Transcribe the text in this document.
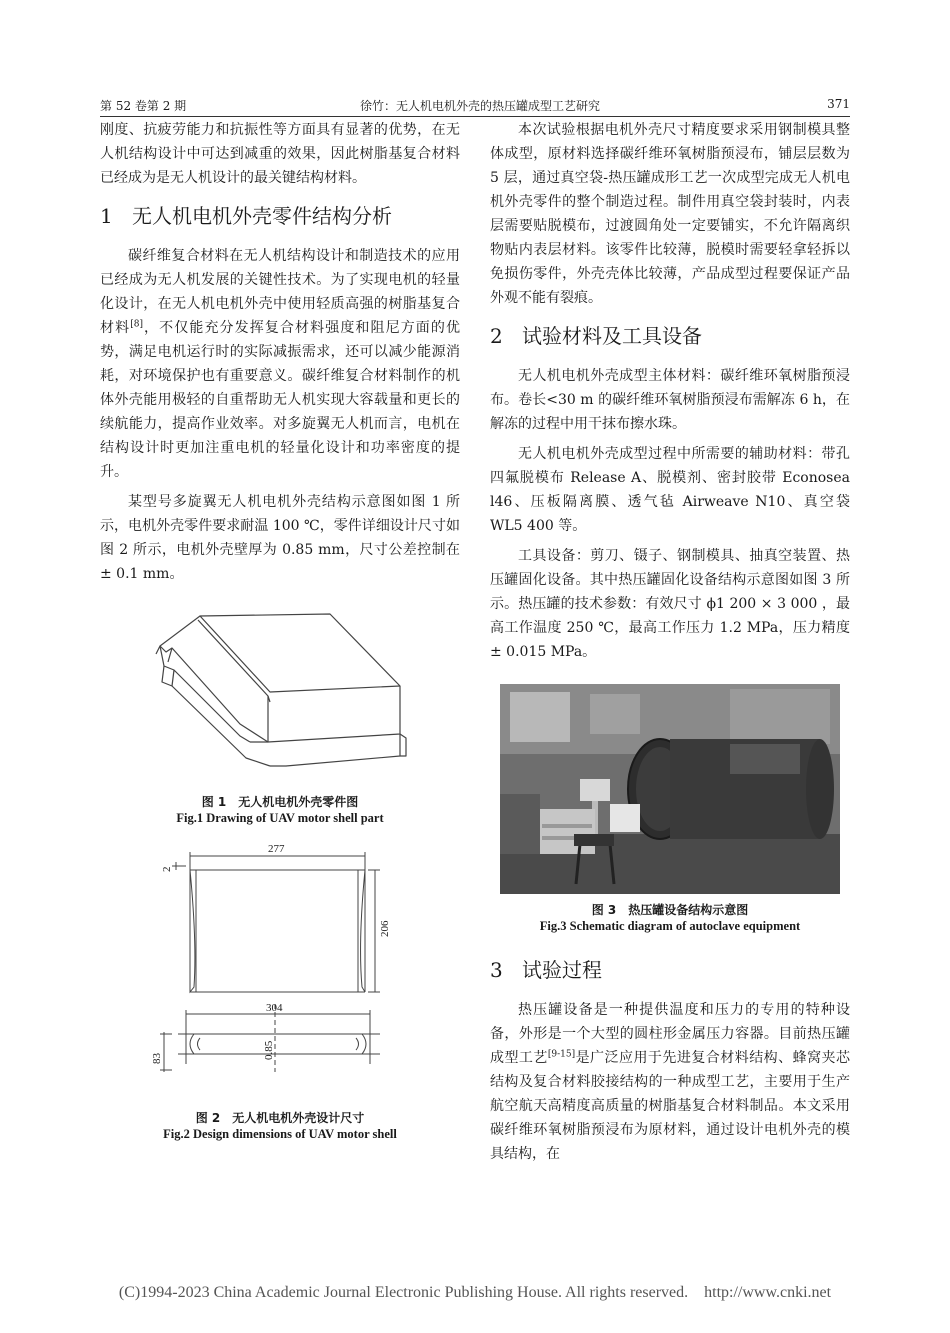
第 52 卷第 2 期	徐竹：无人机电机外壳的热压罐成型工艺研究	371

刚度、抗疲劳能力和抗振性等方面具有显著的优势，在无人机结构设计中可达到减重的效果，因此树脂基复合材料已经成为是无人机设计的最关键结构材料。

1 无人机电机外壳零件结构分析

碳纤维复合材料在无人机结构设计和制造技术的应用已经成为无人机发展的关键性技术。为了实现电机的轻量化设计，在无人机电机外壳中使用轻质高强的树脂基复合材料[8]，不仅能充分发挥复合材料强度和阻尼方面的优势，满足电机运行时的实际减振需求，还可以减少能源消耗，对环境保护也有重要意义。碳纤维复合材料制作的机体外壳能用极轻的自重帮助无人机实现大容载量和更长的续航能力，提高作业效率。对多旋翼无人机而言，电机在结构设计时更加注重电机的轻量化设计和功率密度的提升。

某型号多旋翼无人机电机外壳结构示意图如图 1 所示，电机外壳零件要求耐温 100 ℃，零件详细设计尺寸如图 2 所示，电机外壳壁厚为 0.85 mm，尺寸公差控制在 ± 0.1 mm。

图 1　无人机电机外壳零件图
Fig.1 Drawing of UAV motor shell part
277
2
206
304
0.85
83
图 2　无人机电机外壳设计尺寸
Fig.2 Design dimensions of UAV motor shell

本次试验根据电机外壳尺寸精度要求采用钢制模具整体成型，原材料选择碳纤维环氧树脂预浸布，铺层层数为 5 层，通过真空袋-热压罐成形工艺一次成型完成无人机电机外壳零件的整个制造过程。制件用真空袋封装时，内表层需要贴脱模布，过渡圆角处一定要铺实，不允许隔离织物贴内表层材料。该零件比较薄，脱模时需要轻拿轻拆以免损伤零件，外壳壳体比较薄，产品成型过程要保证产品外观不能有裂痕。

2 试验材料及工具设备

无人机电机外壳成型主体材料：碳纤维环氧树脂预浸布。卷长<30 m 的碳纤维环氧树脂预浸布需解冻 6 h，在解冻的过程中用干抹布擦水珠。

无人机电机外壳成型过程中所需要的辅助材料：带孔四氟脱模布 Release A、脱模剂、密封胶带 Econosea l46、压板隔离膜、透气毡 Airweave N10、真空袋 WL5 400 等。

工具设备：剪刀、镊子、钢制模具、抽真空装置、热压罐固化设备。其中热压罐固化设备结构示意图如图 3 所示。热压罐的技术参数：有效尺寸 ϕ1 200 × 3 000 ，最高工作温度 250 ℃，最高工作压力 1.2 MPa，压力精度 ± 0.015 MPa。

图 3　热压罐设备结构示意图
Fig.3 Schematic diagram of autoclave equipment
3 试验过程

热压罐设备是一种提供温度和压力的专用的特种设备，外形是一个大型的圆柱形金属压力容器。目前热压罐成型工艺[9-15]是广泛应用于先进复合材料结构、蜂窝夹芯结构及复合材料胶接结构的一种成型工艺，主要用于生产航空航天高精度高质量的树脂基复合材料制品。本文采用碳纤维环氧树脂预浸布为原材料，通过设计电机外壳的模具结构，在

(C)1994-2023 China Academic Journal Electronic Publishing House. All rights reserved. http://www.cnki.net
